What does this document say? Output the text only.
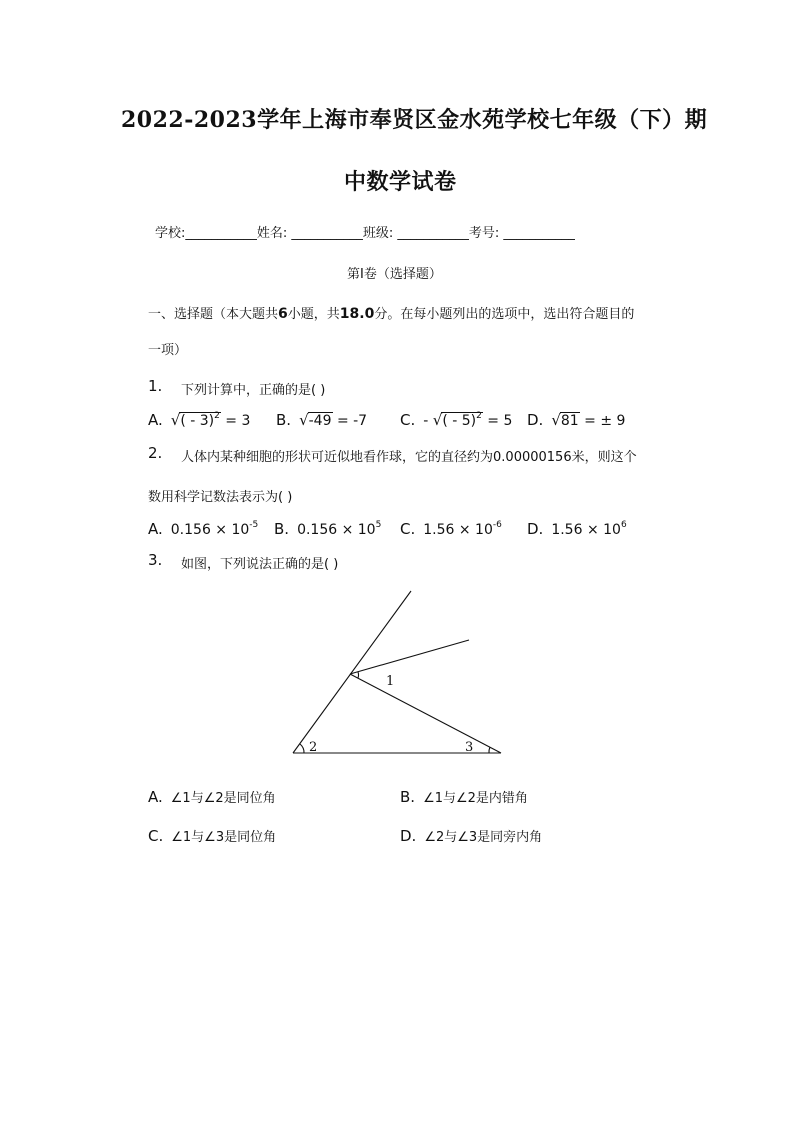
2022-2023学年上海市奉贤区金水苑学校七年级（下）期
中数学试卷
学校:___________姓名: ___________班级: ___________考号: ___________
第Ⅰ卷（选择题）
一、选择题（本大题共6小题，共18.0分。在每小题列出的选项中，选出符合题目的
一项）
1. 下列计算中，正确的是( )
A. √( - 3)$^2$ = 3 B. √-49 = -7 C. - √( - 5)$^2$ = 5 D. √81 = ± 9
2. 人体内某种细胞的形状可近似地看作球，它的直径约为0.00000156米，则这个
数用科学记数法表示为( )
A. $0.156 \times 10^{-5}$ B. $0.156 \times 10^5$ C. $1.56 \times 10^{-6}$ D. $1.56 \times 10^6$
3. 如图，下列说法正确的是( )
1
2	3
A. ∠1与∠2是同位角	B. ∠1与∠2是内错角
C. ∠1与∠3是同位角	D. ∠2与∠3是同旁内角
